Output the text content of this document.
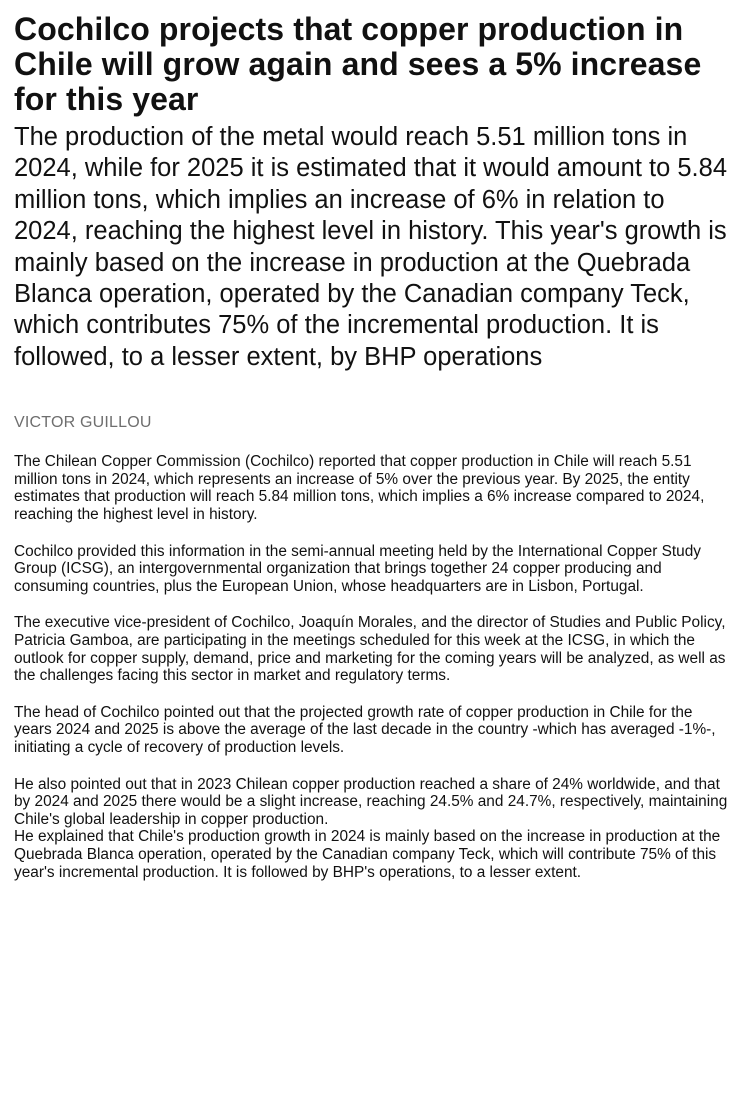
Cochilco projects that copper production in Chile will grow again and sees a 5% increase for this year
The production of the metal would reach 5.51 million tons in 2024, while for 2025 it is estimated that it would amount to 5.84 million tons, which implies an increase of 6% in relation to 2024, reaching the highest level in history. This year's growth is mainly based on the increase in production at the Quebrada Blanca operation, operated by the Canadian company Teck, which contributes 75% of the incremental production. It is followed, to a lesser extent, by BHP operations
VICTOR GUILLOU

The Chilean Copper Commission (Cochilco) reported that copper production in Chile will reach 5.51 million tons in 2024, which represents an increase of 5% over the previous year. By 2025, the entity estimates that production will reach 5.84 million tons, which implies a 6% increase compared to 2024, reaching the highest level in history.

Cochilco provided this information in the semi-annual meeting held by the International Copper Study Group (ICSG), an intergovernmental organization that brings together 24 copper producing and consuming countries, plus the European Union, whose headquarters are in Lisbon, Portugal.

The executive vice-president of Cochilco, Joaquín Morales, and the director of Studies and Public Policy, Patricia Gamboa, are participating in the meetings scheduled for this week at the ICSG, in which the outlook for copper supply, demand, price and marketing for the coming years will be analyzed, as well as the challenges facing this sector in market and regulatory terms.

The head of Cochilco pointed out that the projected growth rate of copper production in Chile for the years 2024 and 2025 is above the average of the last decade in the country -which has averaged -1%-, initiating a cycle of recovery of production levels.

He also pointed out that in 2023 Chilean copper production reached a share of 24% worldwide, and that by 2024 and 2025 there would be a slight increase, reaching 24.5% and 24.7%, respectively, maintaining Chile's global leadership in copper production.

He explained that Chile's production growth in 2024 is mainly based on the increase in production at the Quebrada Blanca operation, operated by the Canadian company Teck, which will contribute 75% of this year's incremental production. It is followed by BHP's operations, to a lesser extent.
